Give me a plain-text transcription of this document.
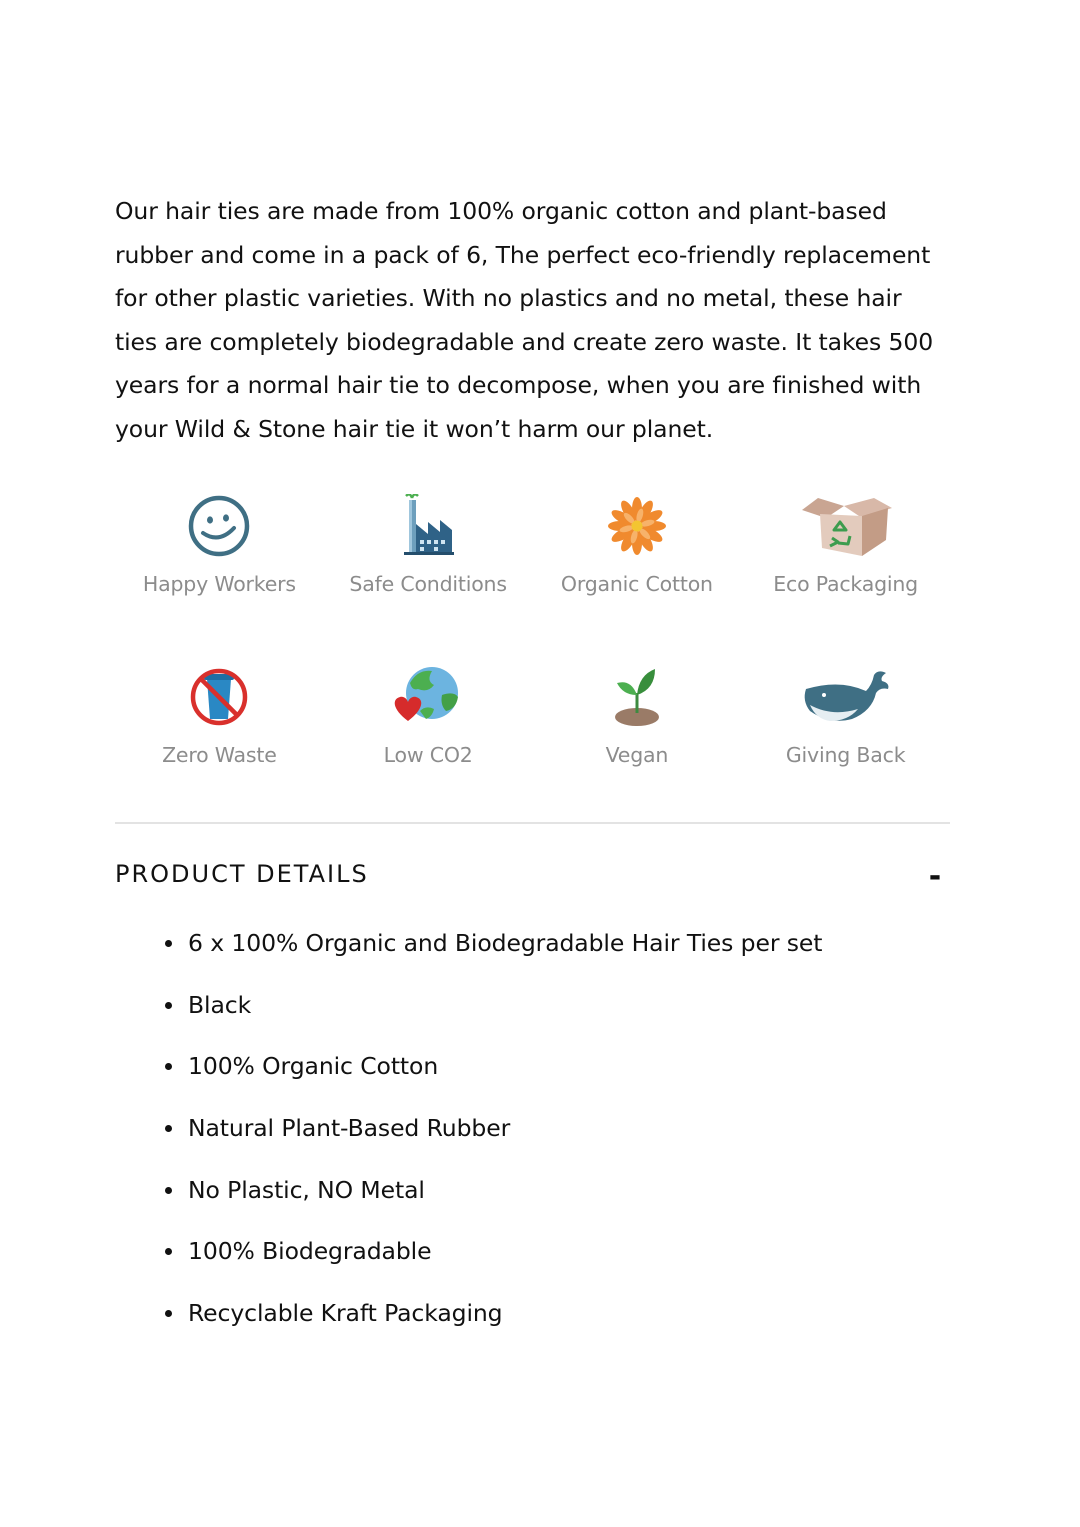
Our hair ties are made from 100% organic cotton and plant-based rubber and come in a pack of 6, The perfect eco-friendly replacement for other plastic varieties. With no plastics and no metal, these hair ties are completely biodegradable and create zero waste. It takes 500 years for a normal hair tie to decompose, when you are finished with your Wild & Stone hair tie it won’t harm our planet.

Happy Workers	Safe Conditions	Organic Cotton	Eco Packaging
Zero Waste	Low CO2	Vegan	Giving Back
PRODUCT DETAILS	-
6 x 100% Organic and Biodegradable Hair Ties per set
Black
100% Organic Cotton
Natural Plant-Based Rubber
No Plastic, NO Metal
100% Biodegradable
Recyclable Kraft Packaging
